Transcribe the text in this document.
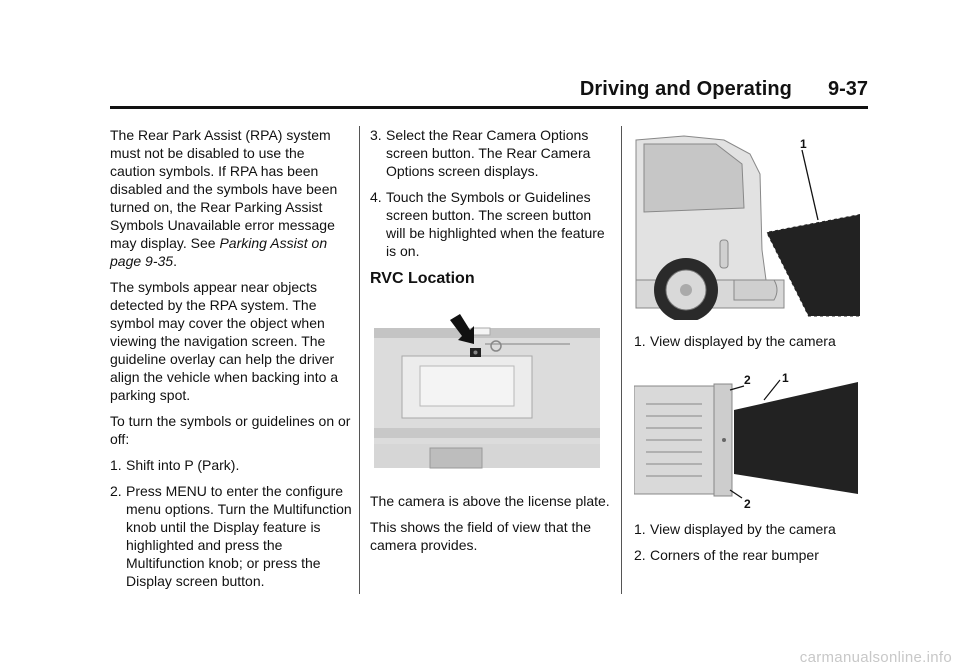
Driving and Operating 9-37

The Rear Park Assist (RPA) system must not be disabled to use the caution symbols. If RPA has been disabled and the symbols have been turned on, the Rear Parking Assist Symbols Unavailable error message may display. See Parking Assist on page 9-35.

The symbols appear near objects detected by the RPA system. The symbol may cover the object when viewing the navigation screen. The guideline overlay can help the driver align the vehicle when backing into a parking spot.

To turn the symbols or guidelines on or off:

1. Shift into P (Park).
2. Press MENU to enter the configure menu options. Turn the Multifunction knob until the Display feature is highlighted and press the Multifunction knob; or press the Display screen button.
3. Select the Rear Camera Options screen button. The Rear Camera Options screen displays.
4. Touch the Symbols or Guidelines screen button. The screen button will be highlighted when the feature is on.
RVC Location

The camera is above the license plate.

This shows the field of view that the camera provides.

1
1. View displayed by the camera
2	1
2
1. View displayed by the camera
2. Corners of the rear bumper
carmanualsonline.info
